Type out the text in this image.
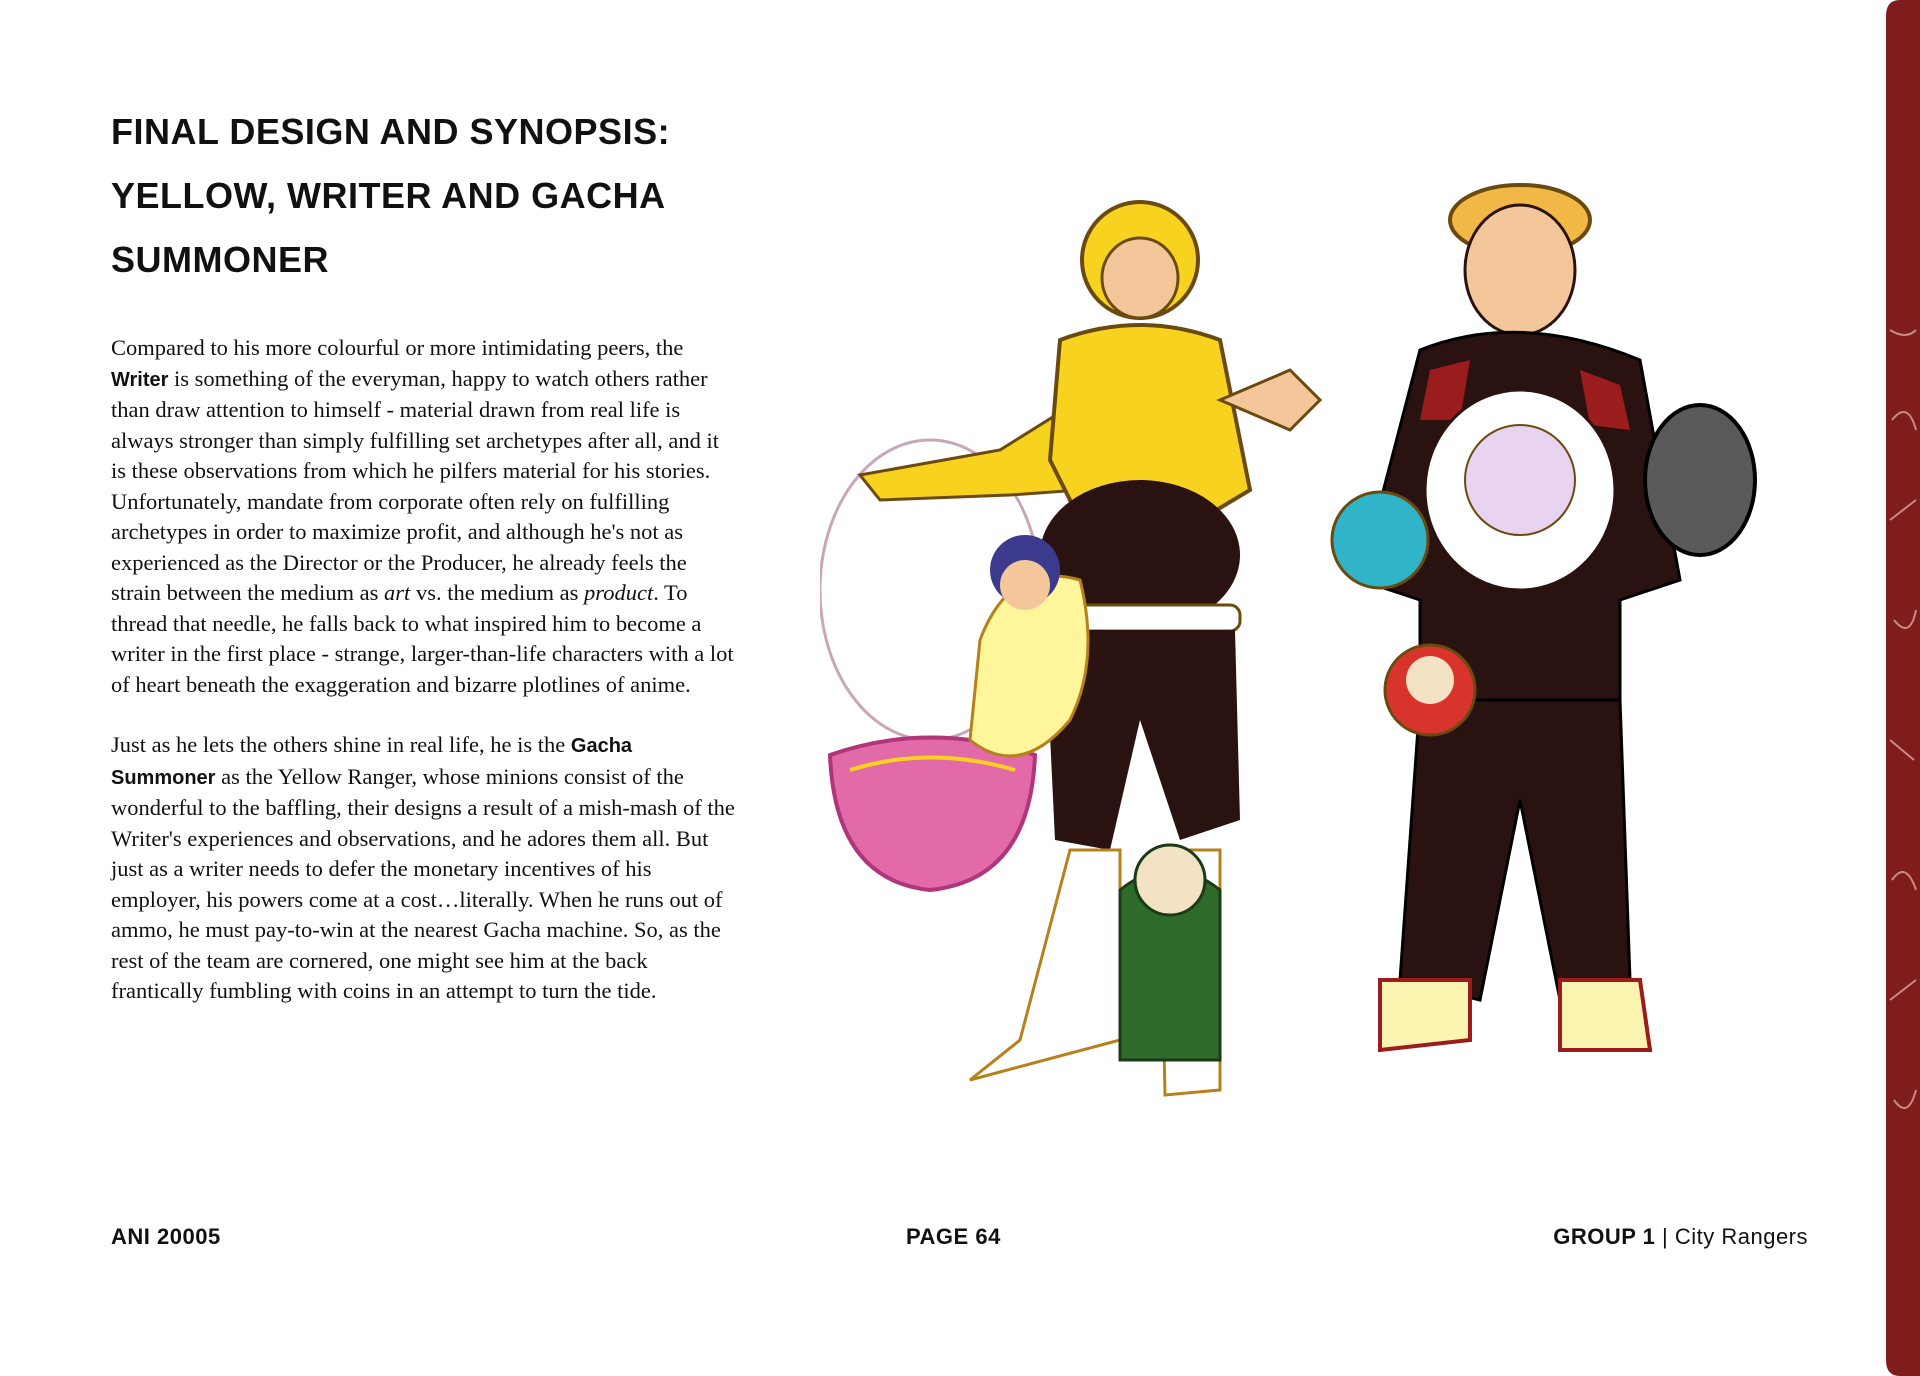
FINAL DESIGN AND SYNOPSIS:
YELLOW, WRITER AND GACHA
SUMMONER

Compared to his more colourful or more intimidating peers, the Writer is something of the everyman, happy to watch others rather than draw attention to himself - material drawn from real life is always stronger than simply fulfilling set archetypes after all, and it is these observations from which he pilfers material for his stories. Unfortunately, mandate from corporate often rely on fulfilling archetypes in order to maximize profit, and although he's not as experienced as the Director or the Producer, he already feels the strain between the medium as art vs. the medium as product. To thread that needle, he falls back to what inspired him to become a writer in the first place - strange, larger-than-life characters with a lot of heart beneath the exaggeration and bizarre plotlines of anime.

Just as he lets the others shine in real life, he is the Gacha Summoner as the Yellow Ranger, whose minions consist of the wonderful to the baffling, their designs a result of a mish-mash of the Writer's experiences and observations, and he adores them all. But just as a writer needs to defer the monetary incentives of his employer, his powers come at a cost…literally. When he runs out of ammo, he must pay-to-win at the nearest Gacha machine. So, as the rest of the team are cornered, one might see him at the back frantically fumbling with coins in an attempt to turn the tide.

ANI 20005	PAGE 64	GROUP 1 | City Rangers
